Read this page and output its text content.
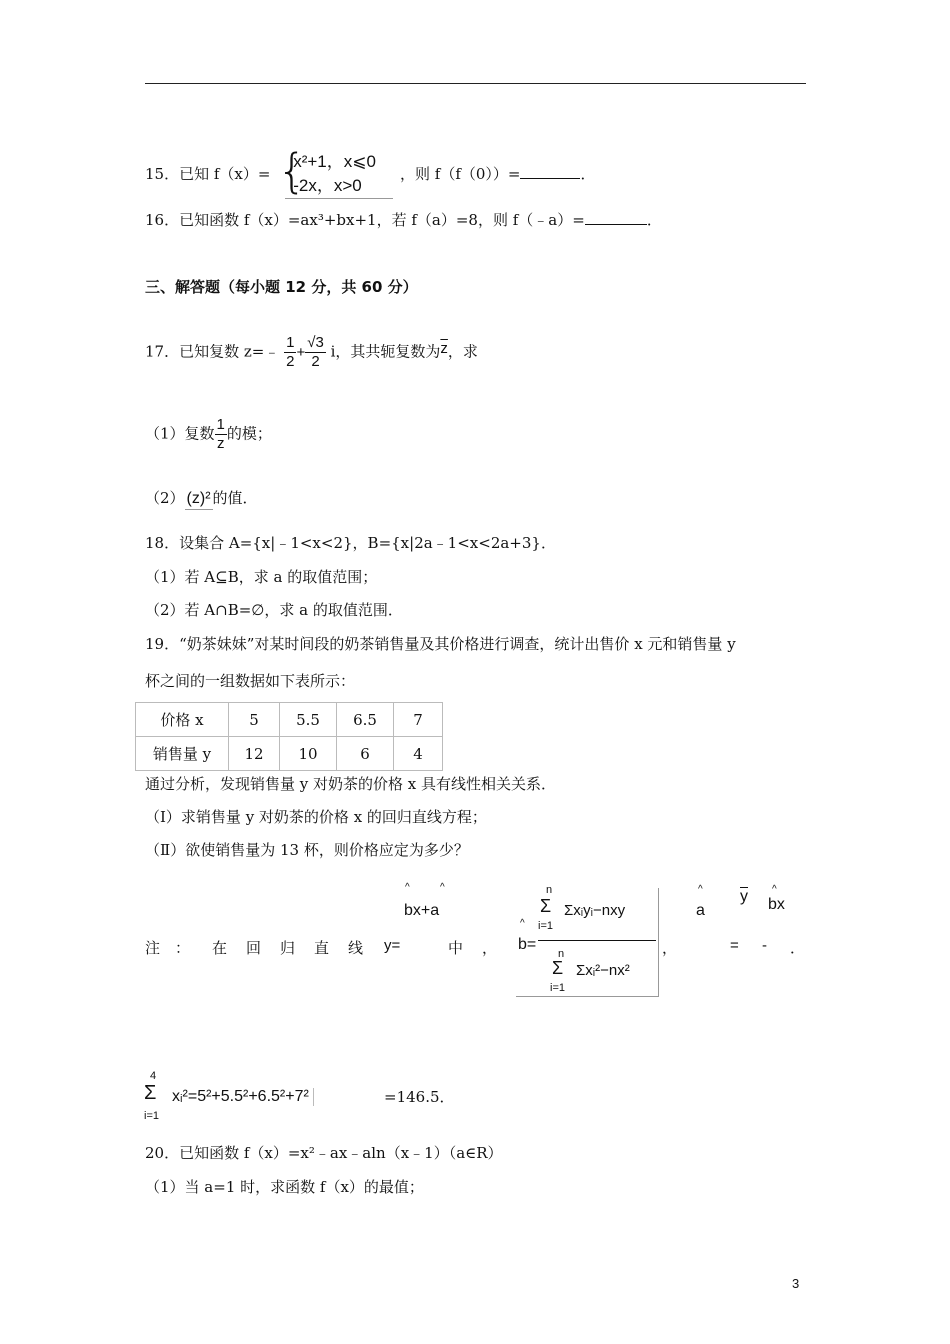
15．已知 f（x）= {
x²+1，x⩽0
-2x，x>0
，则 f（f（0））=	．
16．已知函数 f（x）=ax³+bx+1，若 f（a）=8，则 f（﹣a）=	．
三、解答题（每小题 12 分，共 60 分）
17．已知复数 z=﹣ $\frac{1}{2} + \frac{√3}{2}$ i，其共轭复数为$\overline{z}$，求
（1）复数 $\frac{1}{z}$ 的模；
（2） (z)² 的值．
18．设集合 A={x|﹣1<x<2}，B={x|2a﹣1<x<2a+3}．
（1）若 A⊆B，求 a 的取值范围；
（2）若 A∩B=∅，求 a 的取值范围．
19．“奶茶妹妹”对某时间段的奶茶销售量及其价格进行调查，统计出售价 x 元和销售量 y
杯之间的一组数据如下表所示：
价格 x	5	5.5	6.5	7
销售量 y	12	10	6	4
通过分析，发现销售量 y 对奶茶的价格 x 具有线性相关关系．
（Ⅰ）求销售量 y 对奶茶的价格 x 的回归直线方程；
（Ⅱ）欲使销售量为 13 杯，则价格应定为多少？
注 ： 在 回 归 直 线 y=	中 ，
^	^
bx+a
b=
^
n
Σ
i=1
Σxᵢyᵢ−nxy
n
Σ
i=1
Σxᵢ²−nx²
，
^
a
$\overline{y}$ ^
bx
= - ．
4
Σ
i=1
xᵢ²=5²+5.5²+6.5²+7²	=146.5．
20．已知函数 f（x）=x²﹣ax﹣aln（x﹣1）（a∈R）
（1）当 a=1 时，求函数 f（x）的最值；
3
